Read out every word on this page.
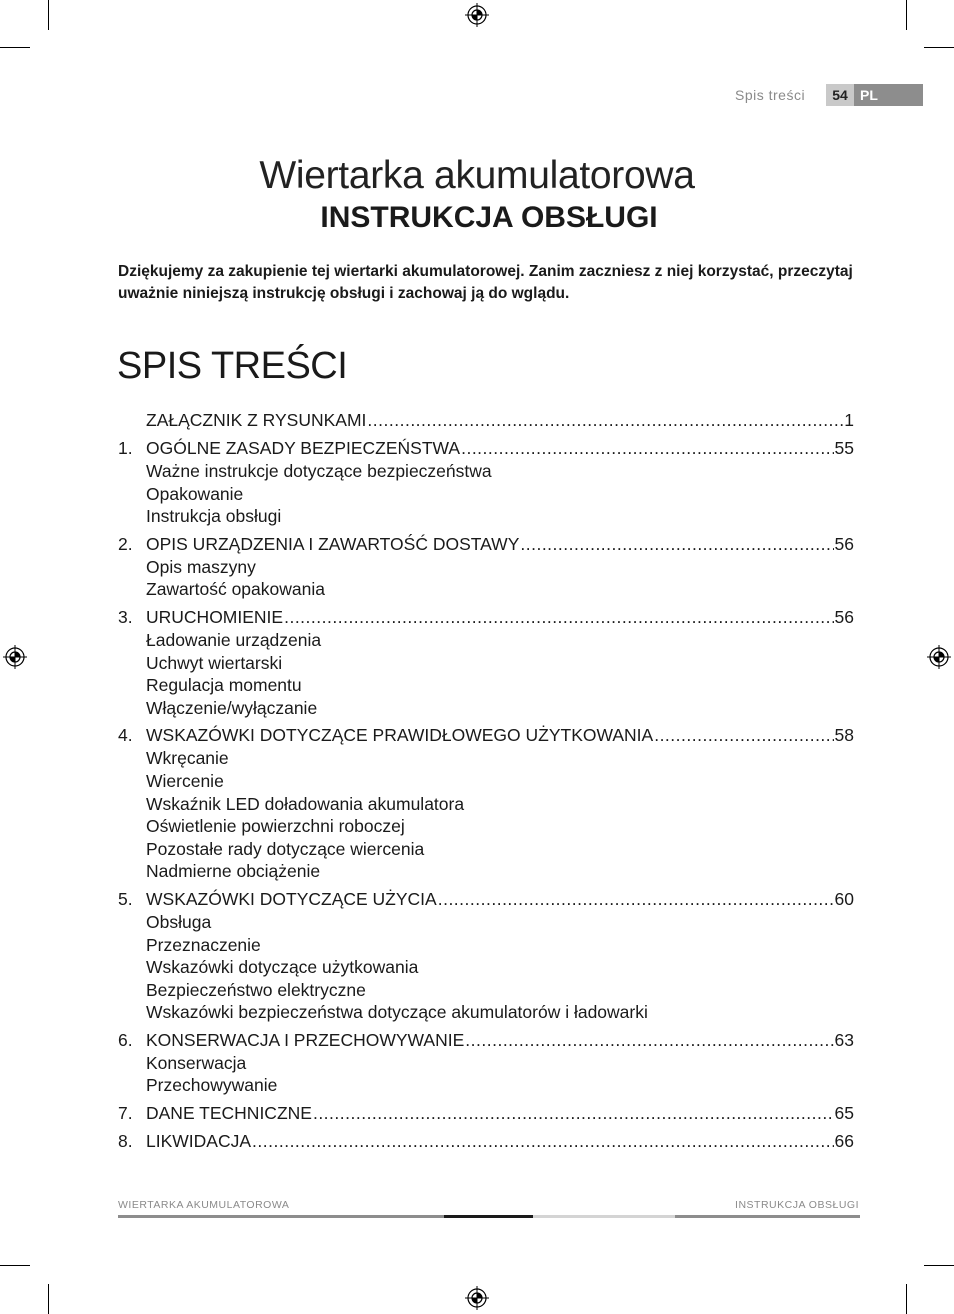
Spis treści	54 PL
Wiertarka akumulatorowa
INSTRUKCJA OBSŁUGI

Dziękujemy za zakupienie tej wiertarki akumulatorowej. Zanim zaczniesz z niej korzystać, przeczytaj uważnie niniejszą instrukcję obsługi i zachowaj ją do wglądu.

SPIS TREŚCI
ZAŁĄCZNIK Z RYSUNKAMI .....	1
1. OGÓLNE ZASADY BEZPIECZEŃSTWA .....	55
Ważne instrukcje dotyczące bezpieczeństwa
Opakowanie
Instrukcja obsługi
2. OPIS URZĄDZENIA I ZAWARTOŚĆ DOSTAWY .....	56
Opis maszyny
Zawartość opakowania
3. URUCHOMIENIE .....	56
Ładowanie urządzenia
Uchwyt wiertarski
Regulacja momentu
Włączenie/wyłączanie
4. WSKAZÓWKI DOTYCZĄCE PRAWIDŁOWEGO UŻYTKOWANIA .....	58
Wkręcanie
Wiercenie
Wskaźnik LED doładowania akumulatora
Oświetlenie powierzchni roboczej
Pozostałe rady dotyczące wiercenia
Nadmierne obciążenie
5. WSKAZÓWKI DOTYCZĄCE UŻYCIA .....	60
Obsługa
Przeznaczenie
Wskazówki dotyczące użytkowania
Bezpieczeństwo elektryczne
Wskazówki bezpieczeństwa dotyczące akumulatorów i ładowarki
6. KONSERWACJA I PRZECHOWYWANIE .....	63
Konserwacja
Przechowywanie
7. DANE TECHNICZNE .....	65
8. LIKWIDACJA .....	66
WIERTARKA AKUMULATOROWA	INSTRUKCJA OBSŁUGI
